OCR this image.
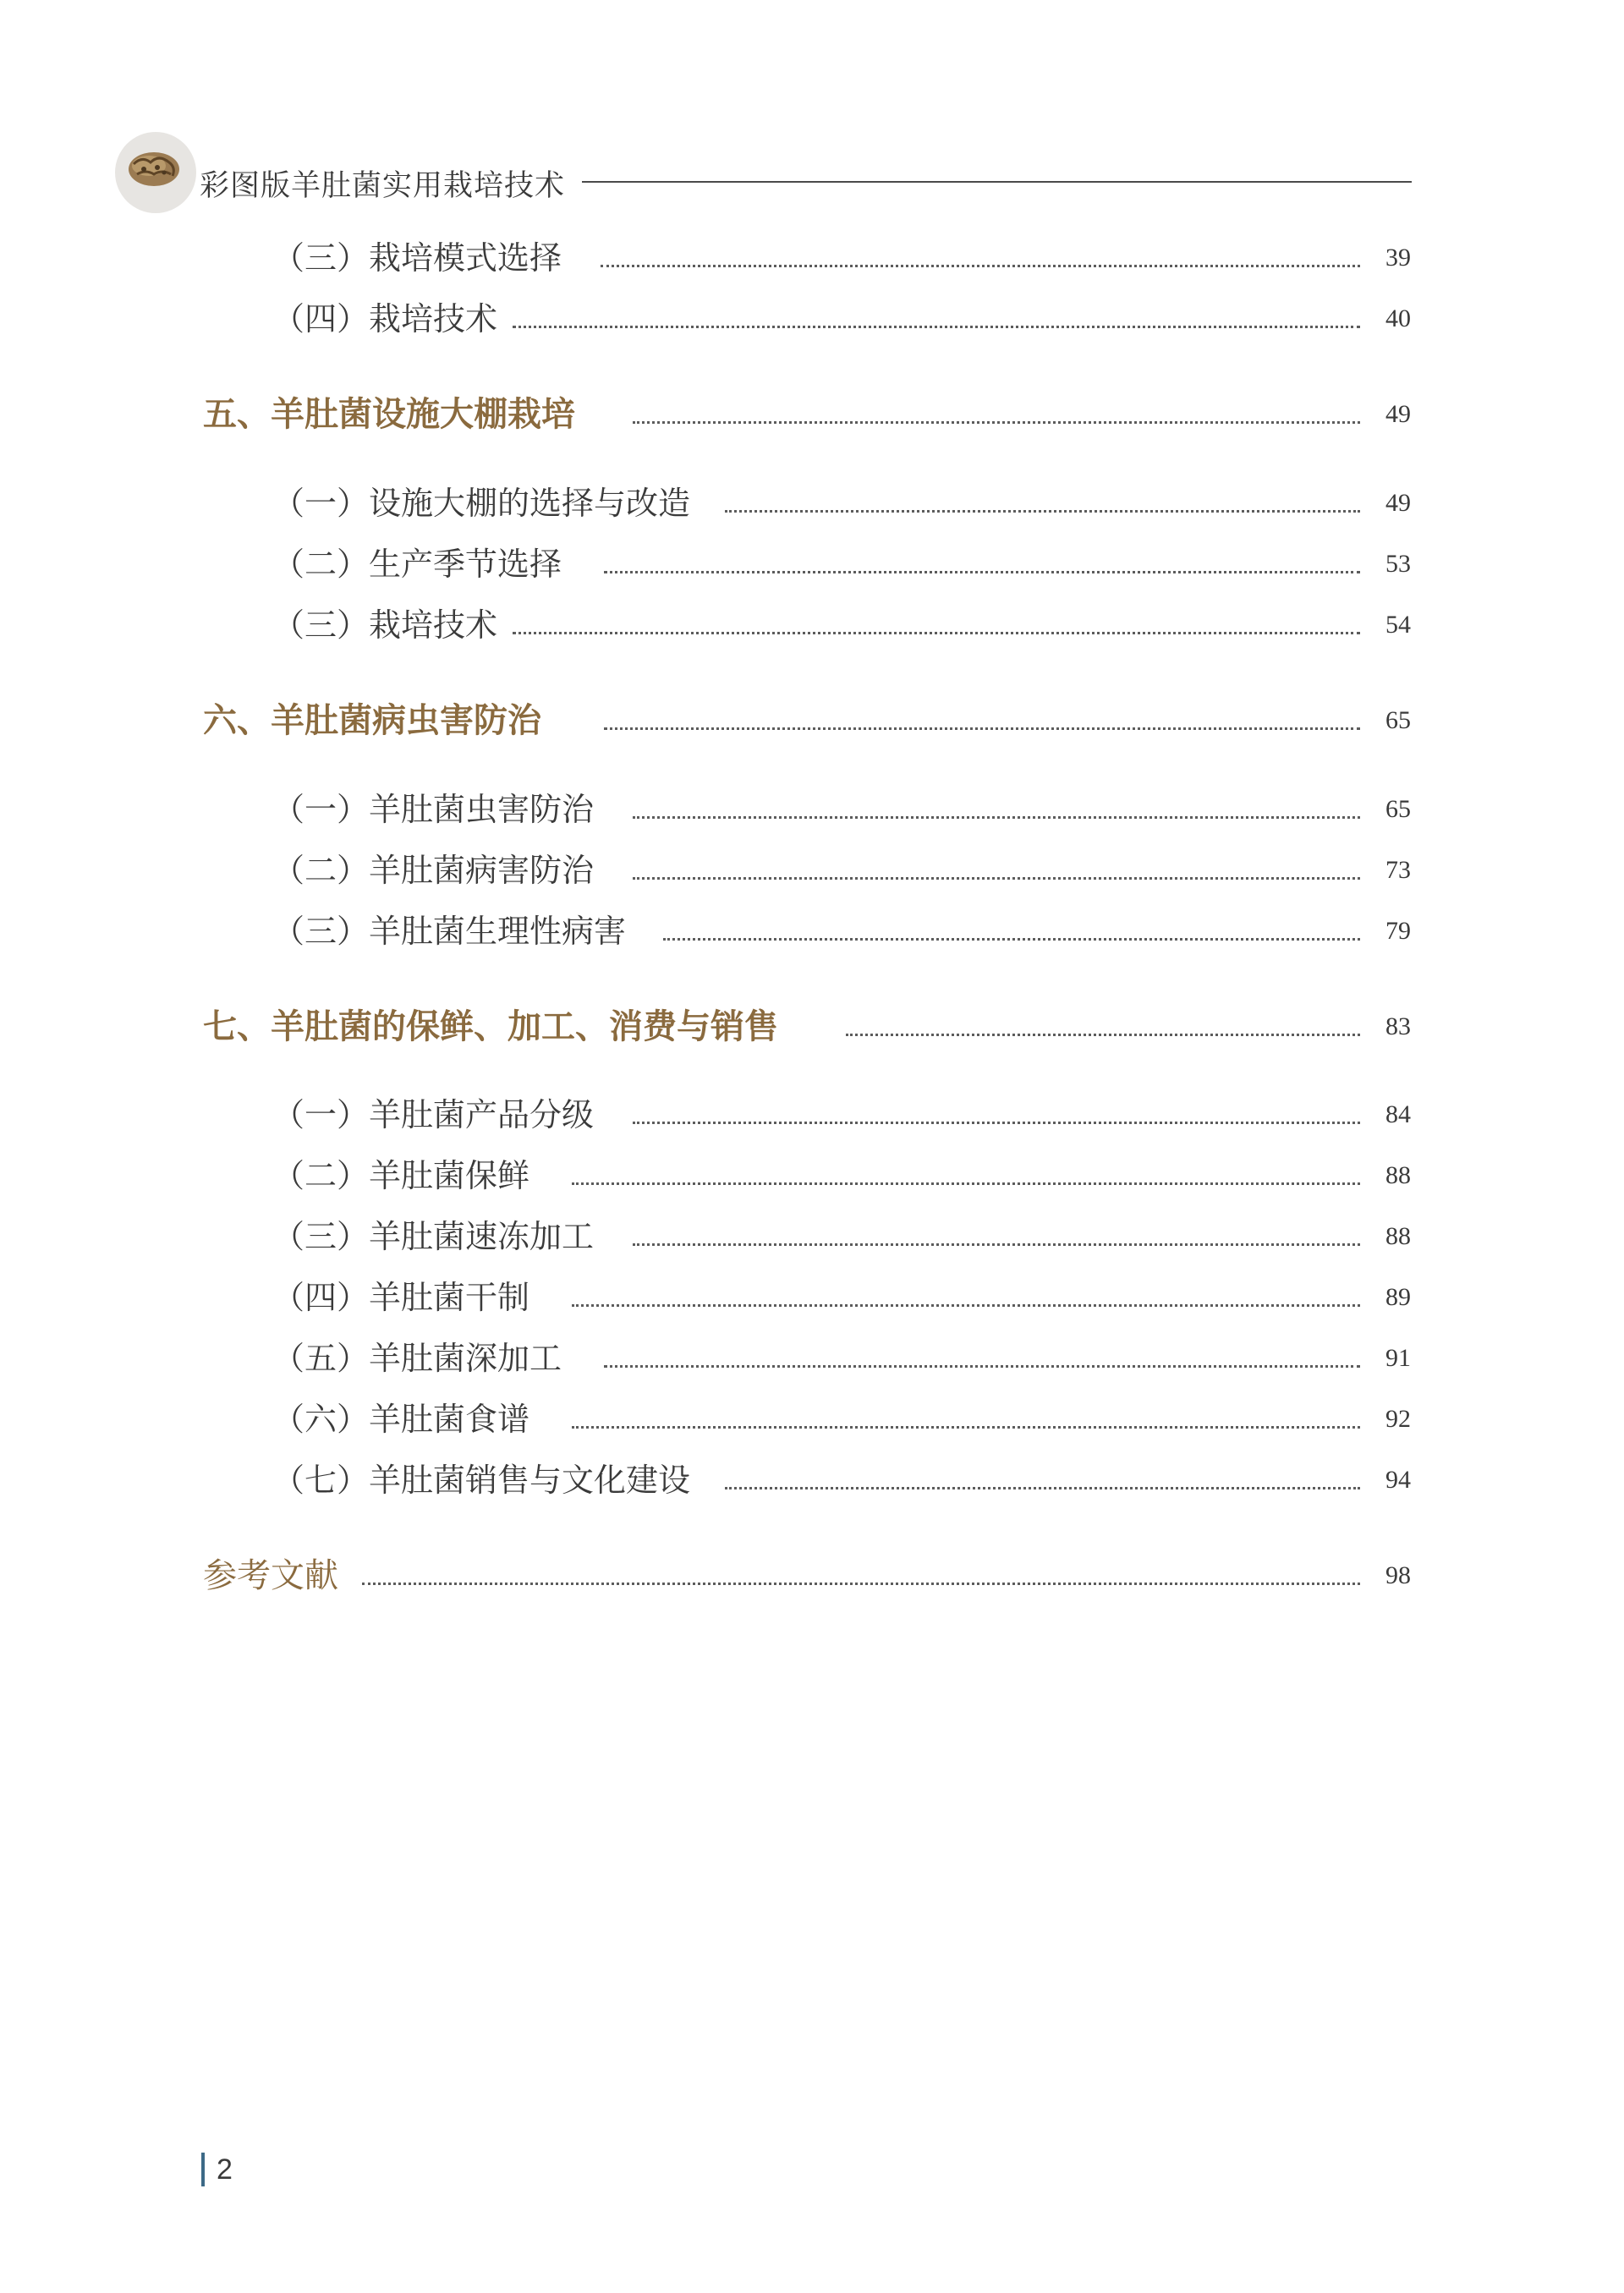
彩图版羊肚菌实用栽培技术
（三）栽培模式选择	39
（四）栽培技术	40
五、羊肚菌设施大棚栽培	49
（一）设施大棚的选择与改造	49
（二）生产季节选择	53
（三）栽培技术	54
六、羊肚菌病虫害防治	65
（一）羊肚菌虫害防治	65
（二）羊肚菌病害防治	73
（三）羊肚菌生理性病害	79
七、羊肚菌的保鲜、加工、消费与销售	83
（一）羊肚菌产品分级	84
（二）羊肚菌保鲜	88
（三）羊肚菌速冻加工	88
（四）羊肚菌干制	89
（五）羊肚菌深加工	91
（六）羊肚菌食谱	92
（七）羊肚菌销售与文化建设	94
参考文献	98
2
